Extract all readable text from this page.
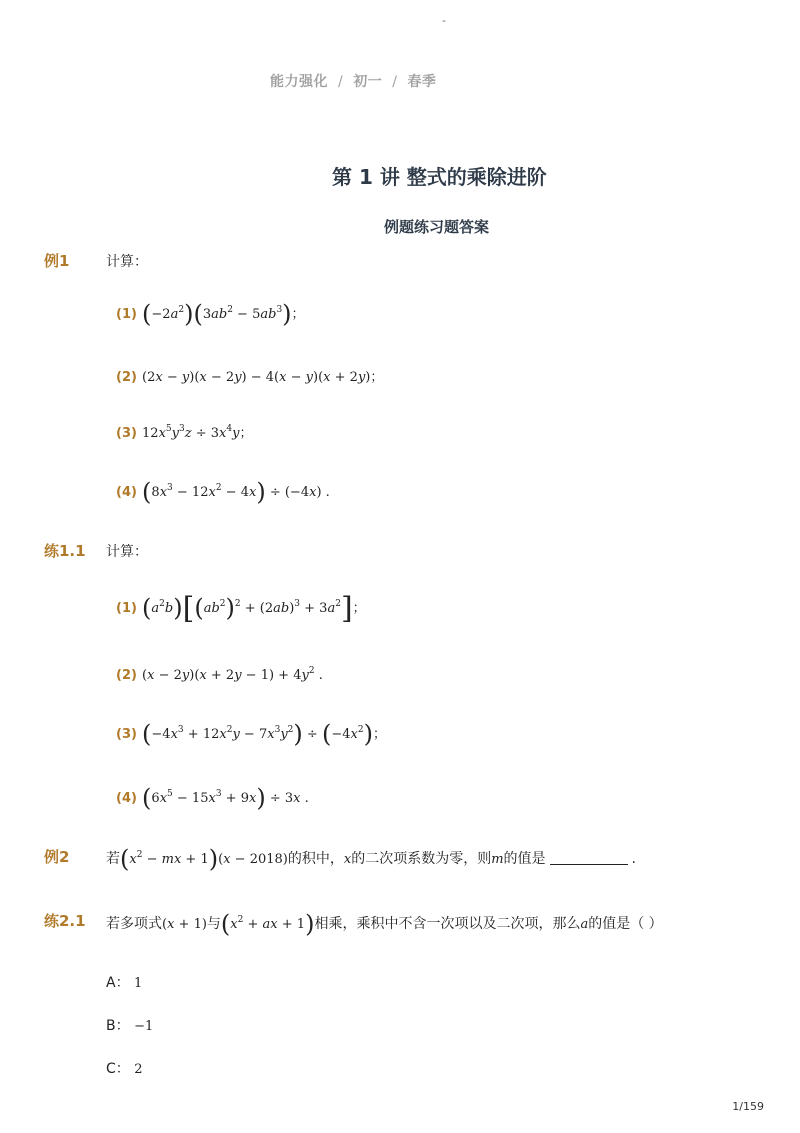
-
能力强化 / 初一 / 春季
第 1 讲 整式的乘除进阶
例题练习题答案
例1	计算：
(1) $(-2a^2)(3ab^2 - 5ab^3)$；
(2) (2x − y)(x − 2y) − 4(x − y)(x + 2y)；
(3) $12x^5y^3z \div 3x^4y$；
(4) $(8x^3 - 12x^2 - 4x) \div (-4x)$ .
练1.1 计算：
(1) $(a^2b)[(ab^2)^2 + (2ab)^3 + 3a^2]$；
(2) $(x - 2y)(x + 2y - 1) + 4y^2$ .
(3) $(-4x^3 + 12x^2y - 7x^3y^2) \div (-4x^2)$；
(4) $(6x^5 - 15x^3 + 9x) \div 3x$ .
例2	若($x^2$ − mx + 1)(x − 2018)的积中，x的二次项系数为零，则m的值是	.
练2.1 若多项式(x + 1)与($x^2$ + ax + 1)相乘，乘积中不含一次项以及二次项，那么a的值是（ ）
A： 1
B： −1
C： 2
1/159
